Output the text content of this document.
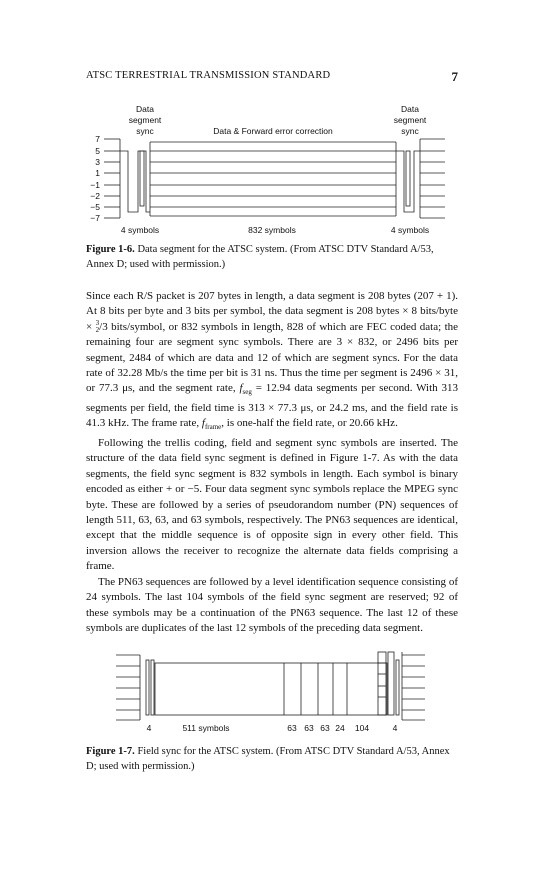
ATSC TERRESTRIAL TRANSMISSION STANDARD	7
Data
segment
sync
Data
segment
sync
Data & Forward error correction
7
5
3
1
−1
−2
−5
−7
4 symbols	832 symbols	4 symbols
4	511 symbols	63 63 63 24 104	4
Figure 1-6. Data segment for the ATSC system. (From ATSC DTV Standard A/53, Annex D; used with permission.)

Since each R/S packet is 207 bytes in length, a data segment is 208 bytes (207 + 1). At 8 bits per byte and 3 bits per symbol, the data segment is 208 bytes × 8 bits/byte × 3
2 /3 bits/symbol, or 832 symbols in length, 828 of which are FEC coded data; the remaining four are segment sync symbols. There are 3 × 832, or 2496 bits per segment, 2484 of which are data and 12 of which are segment syncs. For the data rate of 32.28 Mb/s the time per bit is 31 ns. Thus the time per segment is 2496 × 31, or 77.3 μs, and the segment rate, $f_{seg} = 12.94$ data segments per second. With 313 segments per field, the field time is 313 × 77.3 μs, or 24.2 ms, and the field rate is 41.3 kHz. The frame rate, $f_{frame}$, is one-half the field rate, or 20.66 kHz.

Following the trellis coding, field and segment sync symbols are inserted. The structure of the data field sync segment is defined in Figure 1-7. As with the data segments, the field sync segment is 832 symbols in length. Each symbol is binary encoded as either + or −5. Four data segment sync symbols replace the MPEG sync byte. These are followed by a series of pseudorandom number (PN) sequences of length 511, 63, 63, and 63 symbols, respectively. The PN63 sequences are identical, except that the middle sequence is of opposite sign in every other field. This inversion allows the receiver to recognize the alternate data fields comprising a frame.

The PN63 sequences are followed by a level identification sequence consisting of 24 symbols. The last 104 symbols of the field sync segment are reserved; 92 of these symbols may be a continuation of the PN63 sequence. The last 12 of these symbols are duplicates of the last 12 symbols of the preceding data segment.

Figure 1-7. Field sync for the ATSC system. (From ATSC DTV Standard A/53, Annex D; used with permission.)
